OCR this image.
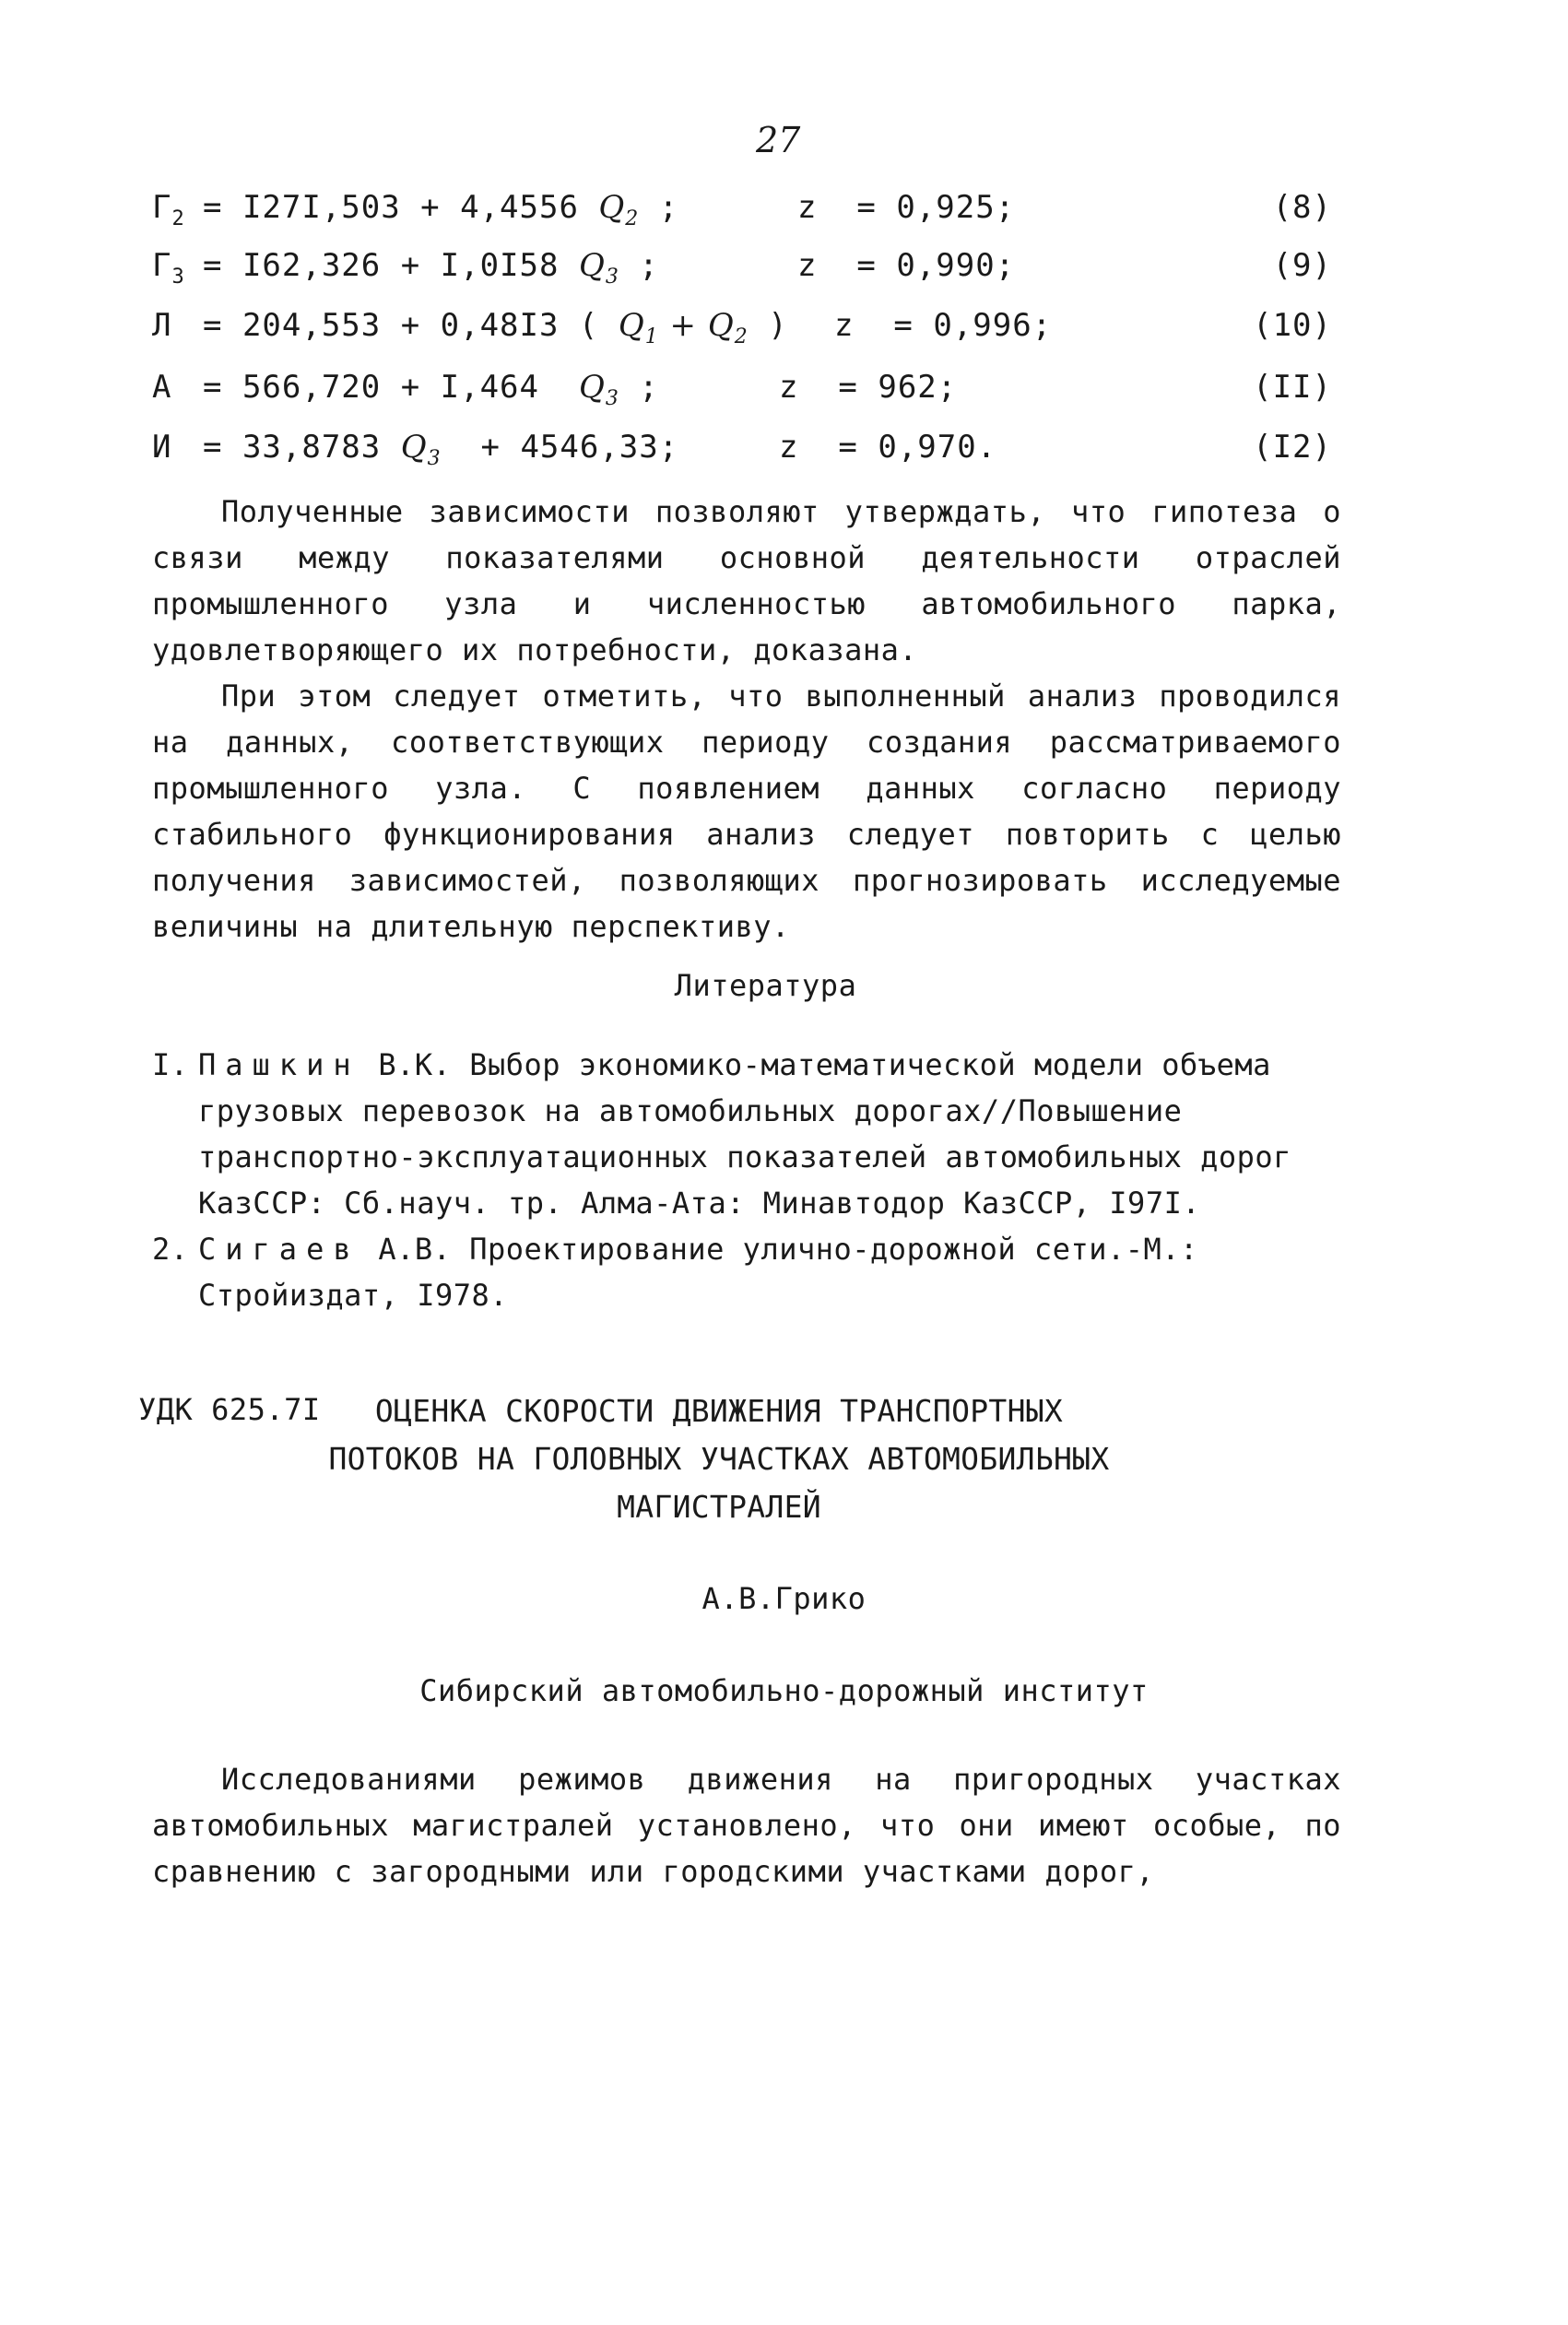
27
$Г_2 = I27I,503 + 4,4556$ $Q_2$ ;	z  = 0,925;	(8)
$Г_3 = I62,326 + I,0I58$ $Q_3$ ;	z  = 0,990;	(9)
Л = 204,553 + 0,48I3 ( $Q_1 + Q_2$ ) z  = 0,996;	(10)
А = 566,720 + I,464  $Q_3$ ;	z  = 962;	(II)
И = 33,8783 $Q_3 + 4546,33$;	z  = 0,970.	(I2)

Полученные зависимости позволяют утверждать, что гипотеза о связи между показателями основной деятельности отраслей промышленного узла и численностью автомобильного парка, удовлетворяющего их потребности, доказана.

При этом следует отметить, что выполненный анализ проводился на данных, соответствующих периоду создания рассматриваемого промышленного узла. С появлением данных согласно периоду стабильного функционирования анализ следует повторить с целью получения зависимостей, позволяющих прогнозировать исследуемые величины на длительную перспективу.

Литература
I. Пашкин В.К. Выбор экономико-математической модели объема грузовых перевозок на автомобильных дорогах//Повышение транспортно-эксплуатационных показателей автомобильных дорог КазССР: Сб.науч. тр. Алма-Ата: Минавтодор КазССР, I97I.
2. Сигаев А.В. Проектирование улично-дорожной сети.-М.: Стройиздат, I978.
УДК 625.7I	ОЦЕНКА СКОРОСТИ ДВИЖЕНИЯ ТРАНСПОРТНЫХ
ПОТОКОВ НА ГОЛОВНЫХ УЧАСТКАХ АВТОМОБИЛЬНЫХ
МАГИСТРАЛЕЙ
А.В.Грико
Сибирский автомобильно-дорожный институт

Исследованиями режимов движения на пригородных участках автомобильных магистралей установлено, что они имеют особые, по сравнению с загородными или городскими участками дорог,
